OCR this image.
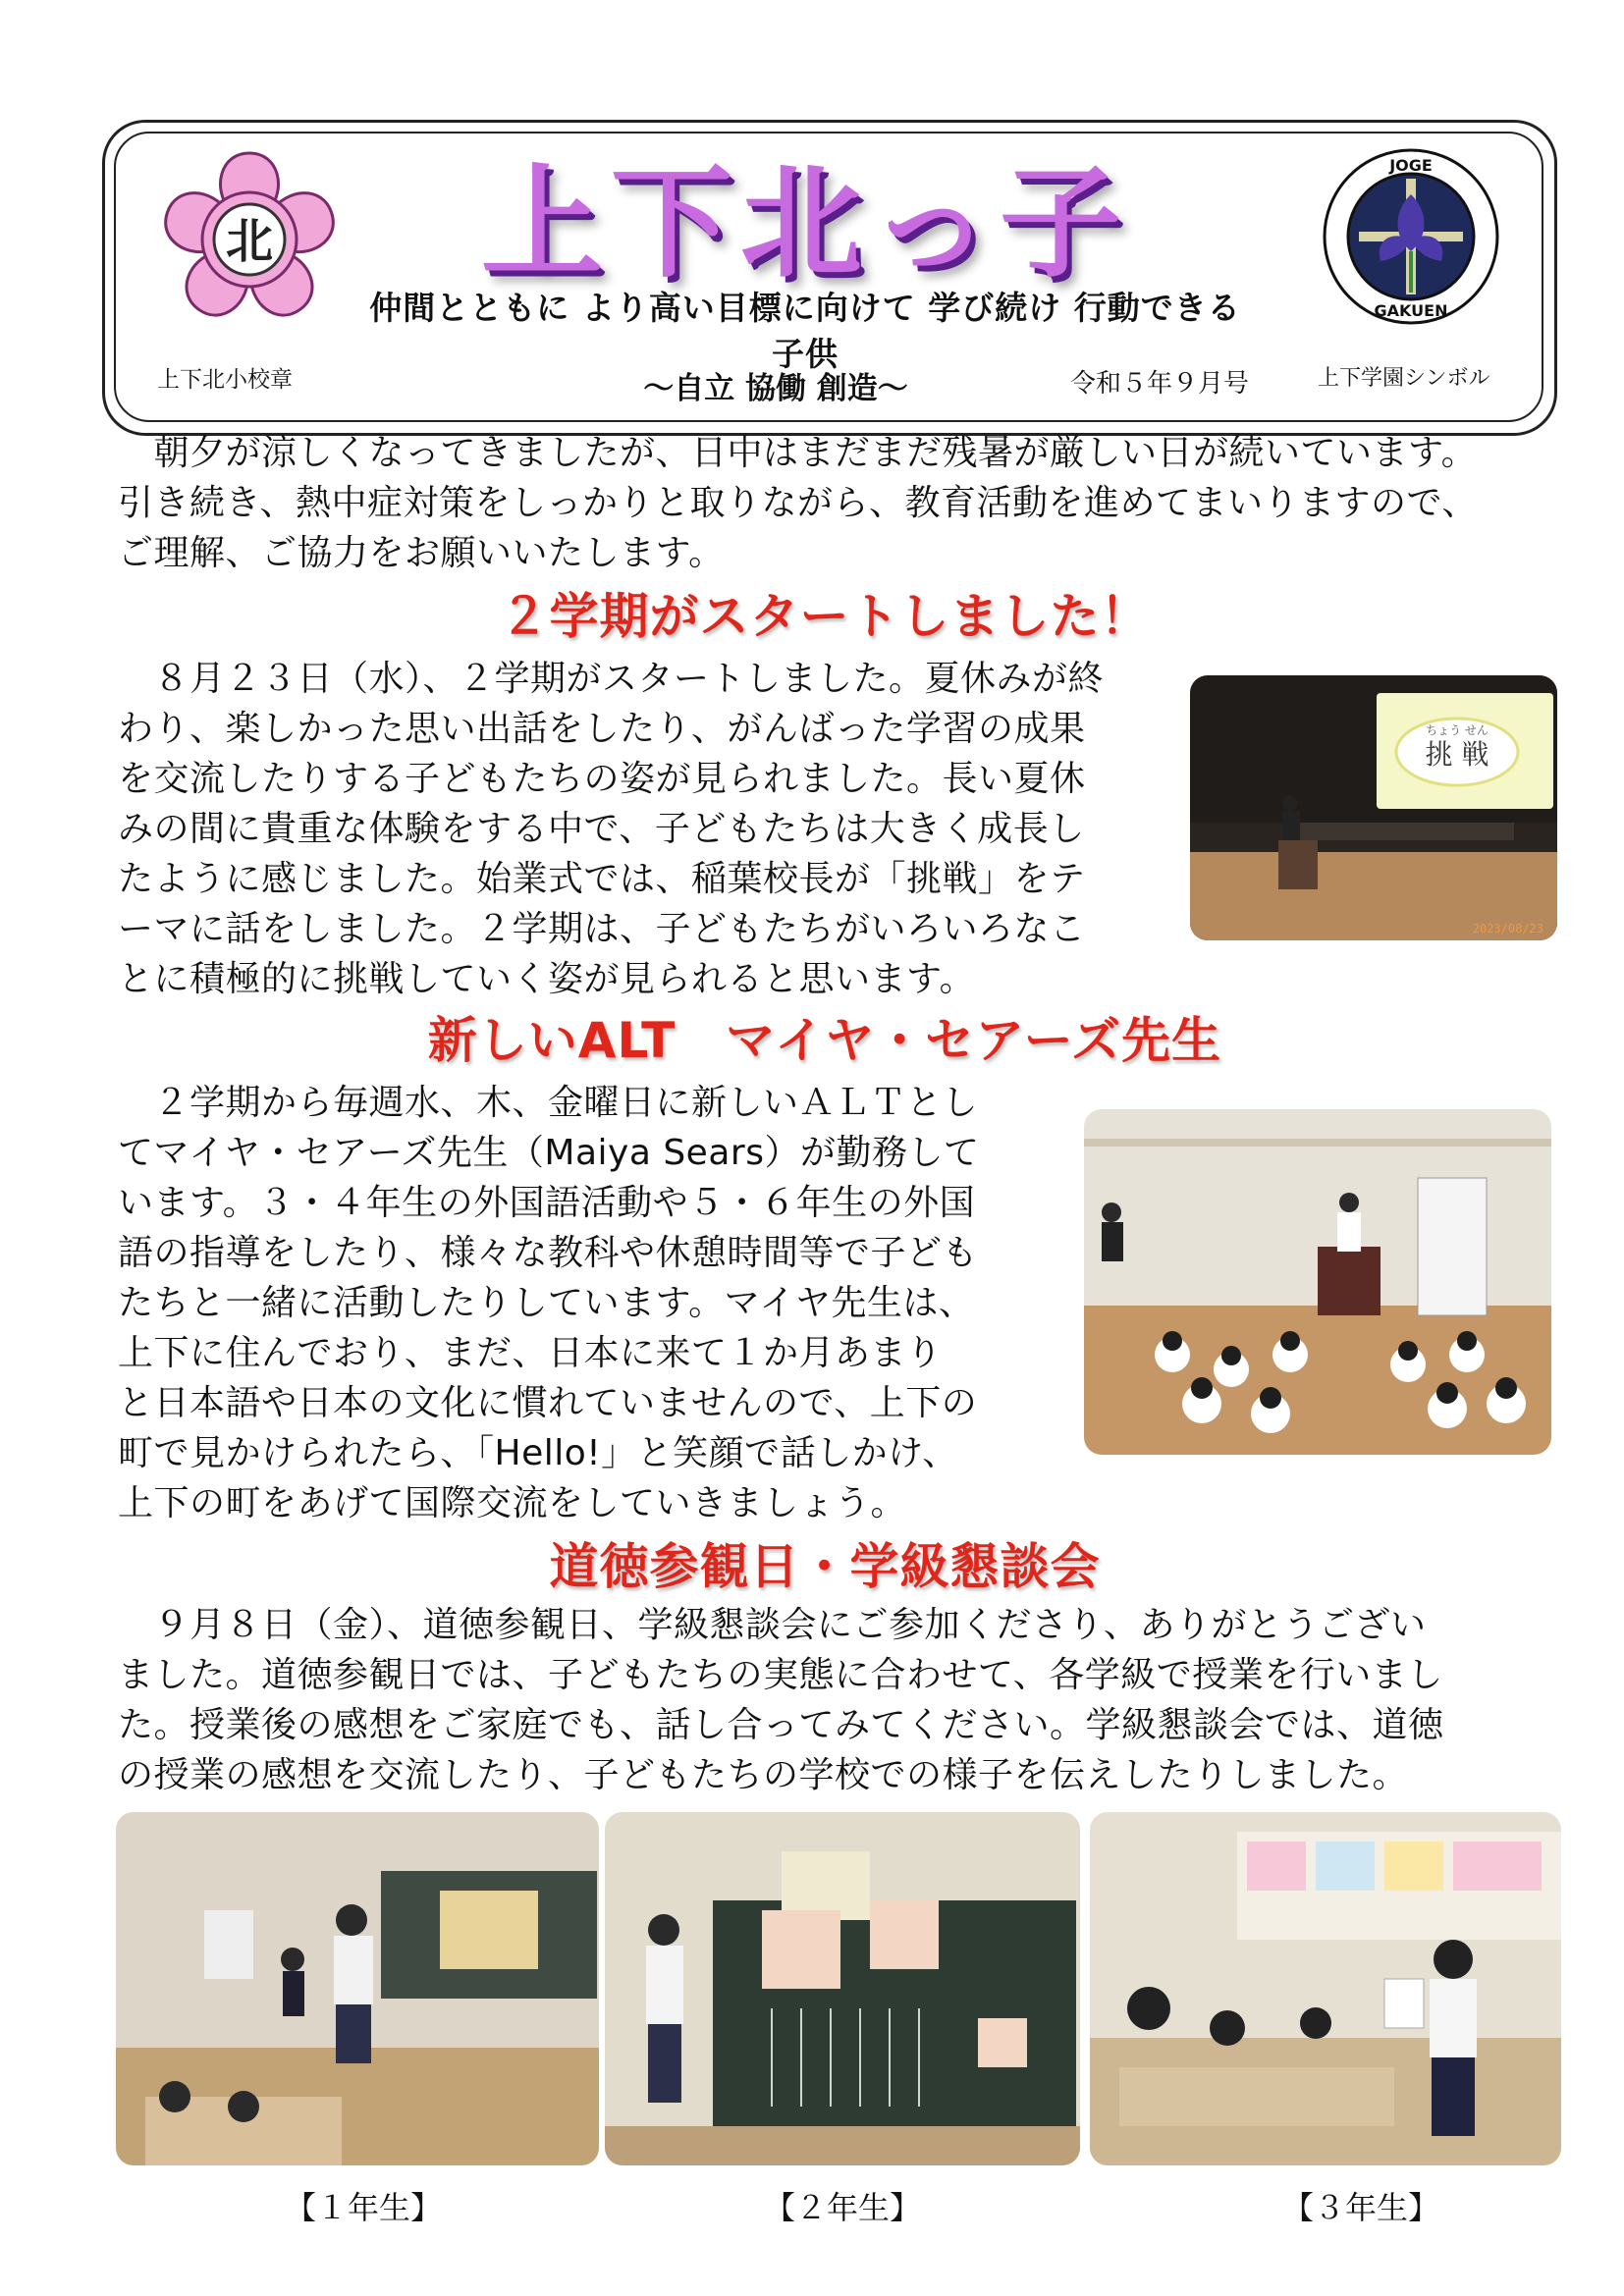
北	上下北っ子
仲間とともに より高い目標に向けて 学び続け 行動できる子供
～自立 協働 創造～	令和５年９月号
上下北小校章	上下学園シンボル
JOGE
GAKUEN
　朝夕が涼しくなってきましたが、日中はまだまだ残暑が厳しい日が続いています。
引き続き、熱中症対策をしっかりと取りながら、教育活動を進めてまいりますので、
ご理解、ご協力をお願いいたします。
２学期がスタートしました！
　８月２３日（水）、２学期がスタートしました。夏休みが終
わり、楽しかった思い出話をしたり、がんばった学習の成果
を交流したりする子どもたちの姿が見られました。長い夏休
みの間に貴重な体験をする中で、子どもたちは大きく成長し
たように感じました。始業式では、稲葉校長が「挑戦」をテ
ーマに話をしました。２学期は、子どもたちがいろいろなこ
とに積極的に挑戦していく姿が見られると思います。
ちょう せん
挑 戦
2023/08/23
新しいALT　マイヤ・セアーズ先生
　２学期から毎週水、木、金曜日に新しいＡＬＴとし
てマイヤ・セアーズ先生（Maiya Sears）が勤務して
います。３・４年生の外国語活動や５・６年生の外国
語の指導をしたり、様々な教科や休憩時間等で子ども
たちと一緒に活動したりしています。マイヤ先生は、
上下に住んでおり、まだ、日本に来て１か月あまり
と日本語や日本の文化に慣れていませんので、上下の
町で見かけられたら、「Hello!」と笑顔で話しかけ、
上下の町をあげて国際交流をしていきましょう。
道徳参観日・学級懇談会
　９月８日（金）、道徳参観日、学級懇談会にご参加くださり、ありがとうござい
ました。道徳参観日では、子どもたちの実態に合わせて、各学級で授業を行いまし
た。授業後の感想をご家庭でも、話し合ってみてください。学級懇談会では、道徳
の授業の感想を交流したり、子どもたちの学校での様子を伝えしたりしました。
【１年生】	【２年生】	【３年生】
